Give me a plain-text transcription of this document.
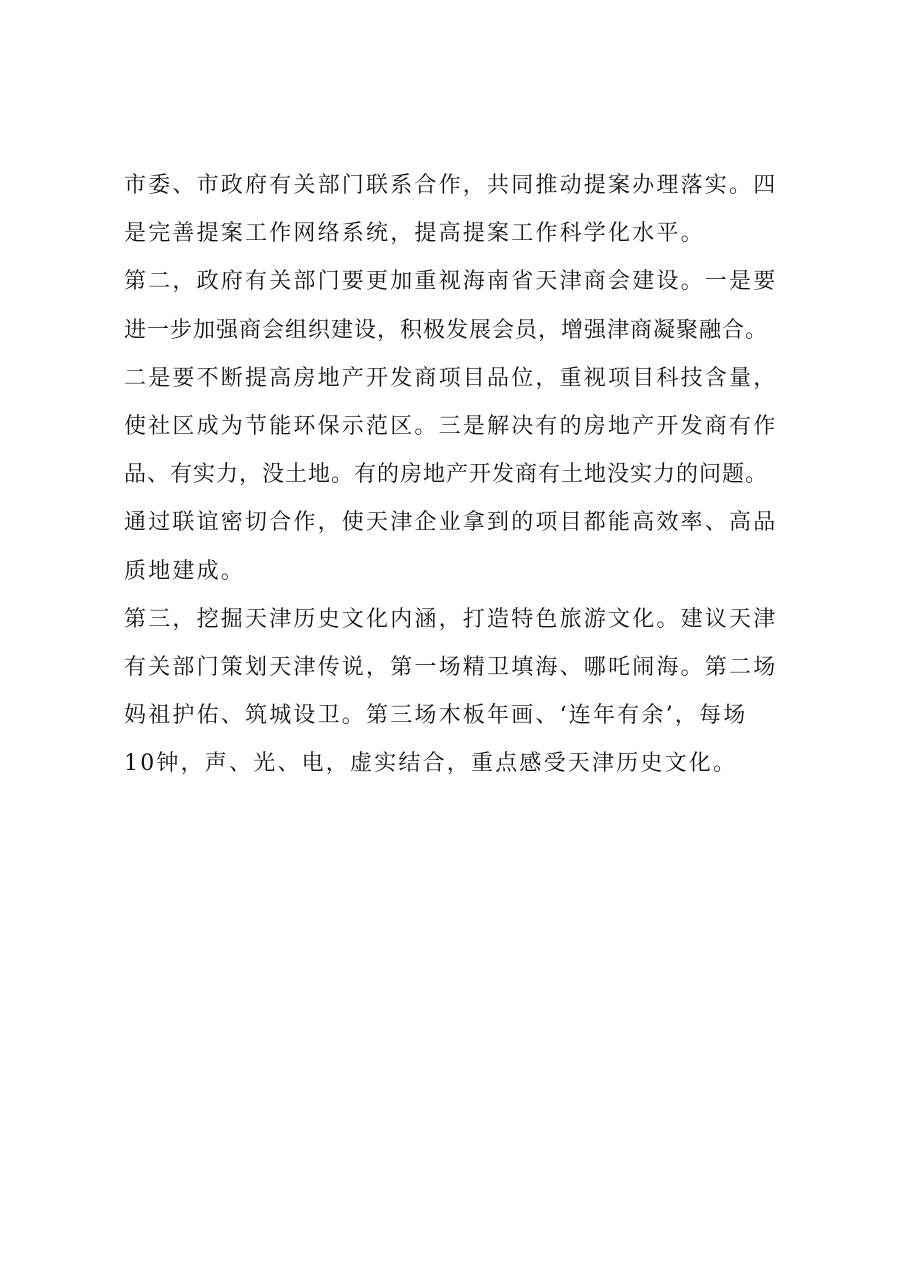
市委、市政府有关部门联系合作，共同推动提案办理落实。四
是完善提案工作网络系统，提高提案工作科学化水平。
第二，政府有关部门要更加重视海南省天津商会建设。一是要
进一步加强商会组织建设，积极发展会员，增强津商凝聚融合。
二是要不断提高房地产开发商项目品位，重视项目科技含量，
使社区成为节能环保示范区。三是解决有的房地产开发商有作
品、有实力，没土地。有的房地产开发商有土地没实力的问题。
通过联谊密切合作，使天津企业拿到的项目都能高效率、高品
质地建成。
第三，挖掘天津历史文化内涵，打造特色旅游文化。建议天津
有关部门策划天津传说，第一场精卫填海、哪吒闹海。第二场
妈祖护佑、筑城设卫。第三场木板年画、‘连年有余’，每场
10钟，声、光、电，虚实结合，重点感受天津历史文化。
